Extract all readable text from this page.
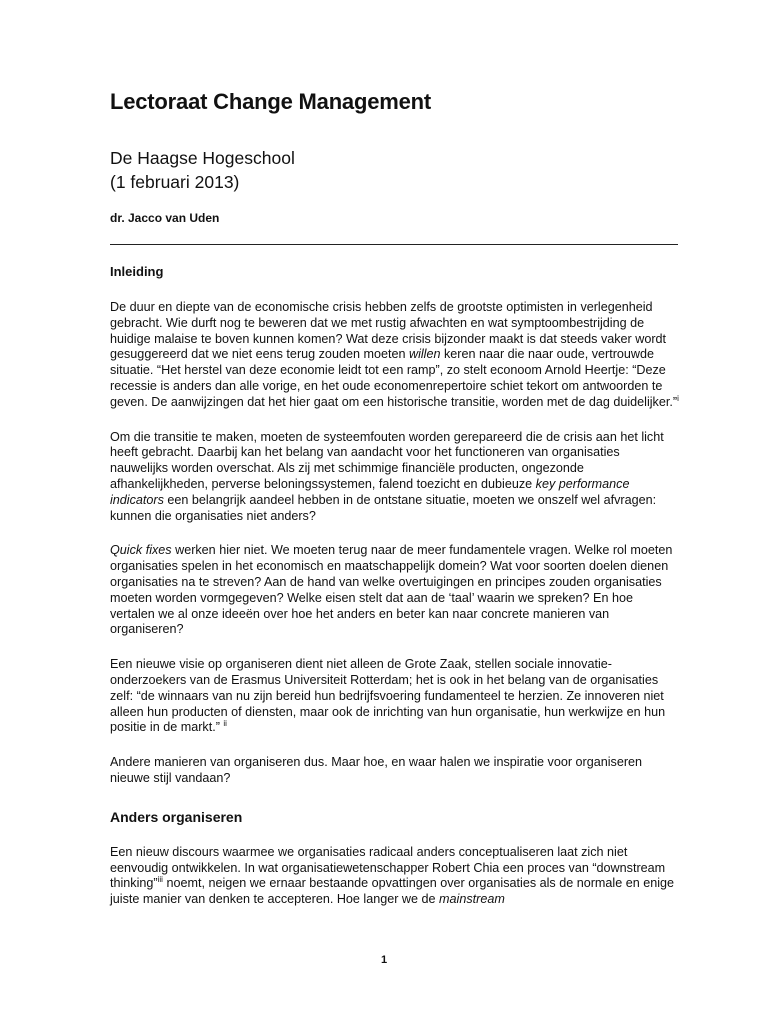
Lectoraat Change Management
De Haagse Hogeschool
(1 februari 2013)
dr. Jacco van Uden
Inleiding

De duur en diepte van de economische crisis hebben zelfs de grootste optimisten in verlegenheid gebracht. Wie durft nog te beweren dat we met rustig afwachten en wat symptoombestrijding de huidige malaise te boven kunnen komen? Wat deze crisis bijzonder maakt is dat steeds vaker wordt gesuggereerd dat we niet eens terug zouden moeten willen keren naar die naar oude, vertrouwde situatie. “Het herstel van deze economie leidt tot een ramp”, zo stelt econoom Arnold Heertje: “Deze recessie is anders dan alle vorige, en het oude economenrepertoire schiet tekort om antwoorden te geven. De aanwijzingen dat het hier gaat om een historische transitie, worden met de dag duidelijker.”$^i$

Om die transitie te maken, moeten de systeemfouten worden gerepareerd die de crisis aan het licht heeft gebracht. Daarbij kan het belang van aandacht voor het functioneren van organisaties nauwelijks worden overschat. Als zij met schimmige financiële producten, ongezonde afhankelijkheden, perverse beloningssystemen, falend toezicht en dubieuze key performance indicators een belangrijk aandeel hebben in de ontstane situatie, moeten we onszelf wel afvragen: kunnen die organisaties niet anders?

Quick fixes werken hier niet. We moeten terug naar de meer fundamentele vragen. Welke rol moeten organisaties spelen in het economisch en maatschappelijk domein? Wat voor soorten doelen dienen organisaties na te streven? Aan de hand van welke overtuigingen en principes zouden organisaties moeten worden vormgegeven? Welke eisen stelt dat aan de ‘taal’ waarin we spreken? En hoe vertalen we al onze ideeën over hoe het anders en beter kan naar concrete manieren van organiseren?

Een nieuwe visie op organiseren dient niet alleen de Grote Zaak, stellen sociale innovatie-onderzoekers van de Erasmus Universiteit Rotterdam; het is ook in het belang van de organisaties zelf: “de winnaars van nu zijn bereid hun bedrijfsvoering fundamenteel te herzien. Ze innoveren niet alleen hun producten of diensten, maar ook de inrichting van hun organisatie, hun werkwijze en hun positie in de markt.” $^{ii}$

Andere manieren van organiseren dus. Maar hoe, en waar halen we inspiratie voor organiseren nieuwe stijl vandaan?

Anders organiseren

Een nieuw discours waarmee we organisaties radicaal anders conceptualiseren laat zich niet eenvoudig ontwikkelen. In wat organisatiewetenschapper Robert Chia een proces van “downstream thinking”$^{iii}$ noemt, neigen we ernaar bestaande opvattingen over organisaties als de normale en enige juiste manier van denken te accepteren. Hoe langer we de mainstream

1
